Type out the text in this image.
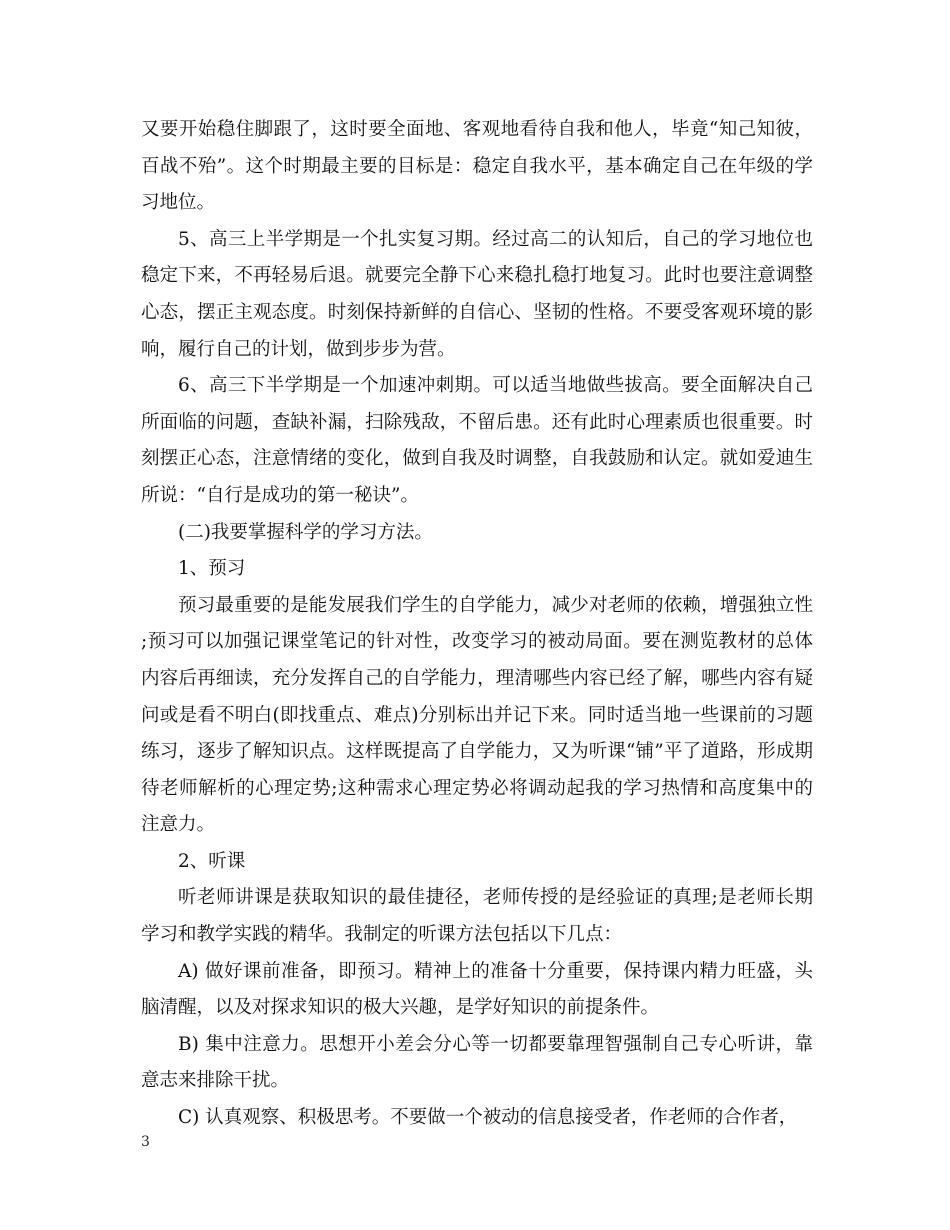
又要开始稳住脚跟了，这时要全面地、客观地看待自我和他人，毕竟“知己知彼，百战不殆”。这个时期最主要的目标是：稳定自我水平，基本确定自己在年级的学习地位。

5、高三上半学期是一个扎实复习期。经过高二的认知后，自己的学习地位也稳定下来，不再轻易后退。就要完全静下心来稳扎稳打地复习。此时也要注意调整心态，摆正主观态度。时刻保持新鲜的自信心、坚韧的性格。不要受客观环境的影响，履行自己的计划，做到步步为营。

6、高三下半学期是一个加速冲刺期。可以适当地做些拔高。要全面解决自己所面临的问题，查缺补漏，扫除残敌，不留后患。还有此时心理素质也很重要。时刻摆正心态，注意情绪的变化，做到自我及时调整，自我鼓励和认定。就如爱迪生所说：“自行是成功的第一秘诀”。

(二)我要掌握科学的学习方法。

1、预习

预习最重要的是能发展我们学生的自学能力，减少对老师的依赖，增强独立性;预习可以加强记课堂笔记的针对性，改变学习的被动局面。要在测览教材的总体内容后再细读，充分发挥自己的自学能力，理清哪些内容已经了解，哪些内容有疑问或是看不明白(即找重点、难点)分别标出并记下来。同时适当地一些课前的习题练习，逐步了解知识点。这样既提高了自学能力，又为听课“铺”平了道路，形成期待老师解析的心理定势;这种需求心理定势必将调动起我的学习热情和高度集中的注意力。

2、听课

听老师讲课是获取知识的最佳捷径，老师传授的是经验证的真理;是老师长期学习和教学实践的精华。我制定的听课方法包括以下几点：

A) 做好课前准备，即预习。精神上的准备十分重要，保持课内精力旺盛，头脑清醒，以及对探求知识的极大兴趣，是学好知识的前提条件。

B) 集中注意力。思想开小差会分心等一切都要靠理智强制自己专心听讲，靠意志来排除干扰。

C) 认真观察、积极思考。不要做一个被动的信息接受者，作老师的合作者，

3
